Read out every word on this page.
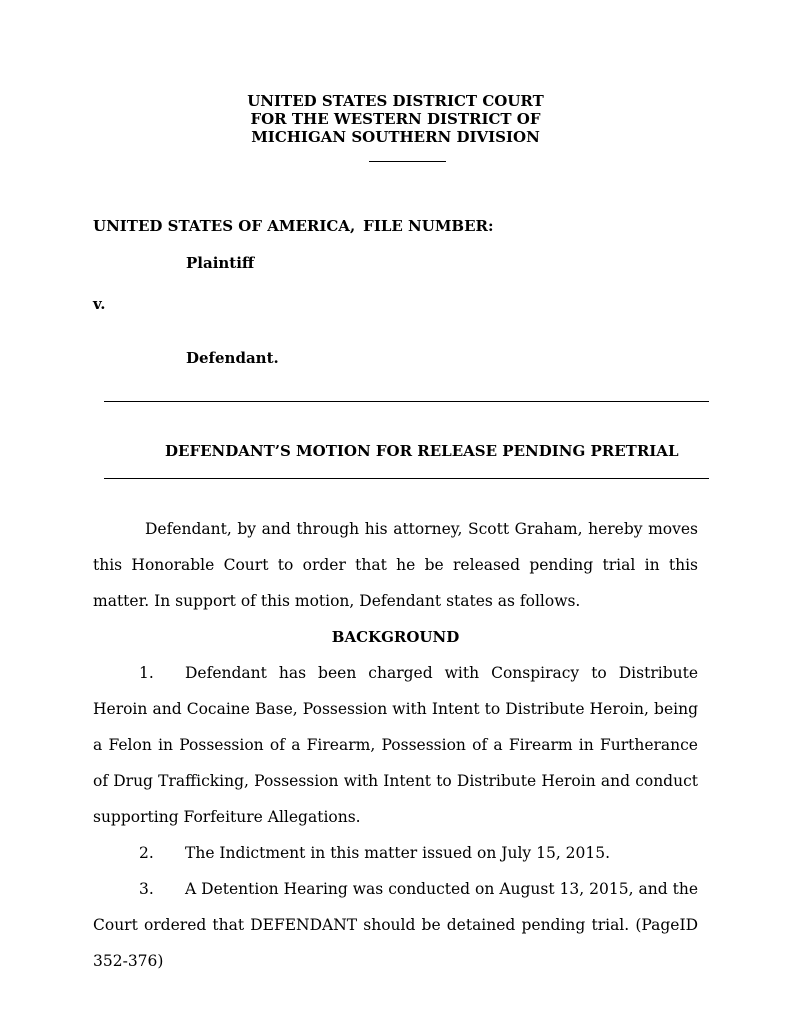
UNITED STATES DISTRICT COURT
FOR THE WESTERN DISTRICT OF
MICHIGAN SOUTHERN DIVISION
UNITED STATES OF AMERICA, FILE NUMBER:
Plaintiff
v.
Defendant.
DEFENDANT’S MOTION FOR RELEASE PENDING PRETRIAL

Defendant, by and through his attorney, Scott Graham, hereby moves this Honorable Court to order that he be released pending trial in this matter. In support of this motion, Defendant states as follows.

BACKGROUND

1. Defendant has been charged with Conspiracy to Distribute Heroin and Cocaine Base, Possession with Intent to Distribute Heroin, being a Felon in Possession of a Firearm, Possession of a Firearm in Furtherance of Drug Trafficking, Possession with Intent to Distribute Heroin and conduct supporting Forfeiture Allegations.

2. The Indictment in this matter issued on July 15, 2015.

3. A Detention Hearing was conducted on August 13, 2015, and the Court ordered that DEFENDANT should be detained pending trial. (PageID 352-376)
